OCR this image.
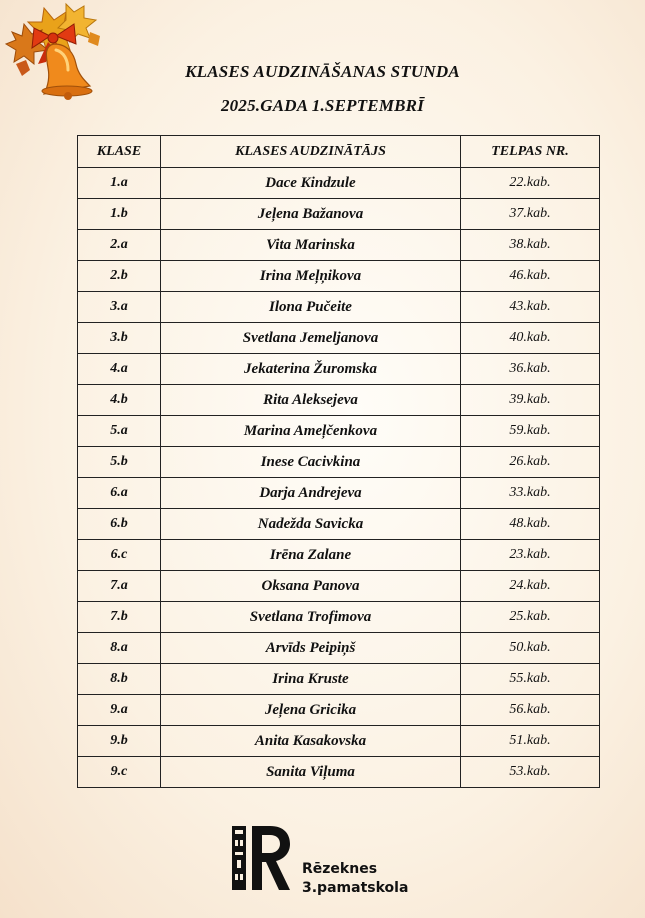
KLASES AUDZINĀŠANAS STUNDA
2025.GADA 1.SEPTEMBRĪ
KLASE	KLASES AUDZINĀTĀJS	TELPAS NR.
1.a	Dace Kindzule	22.kab.
1.b	Jeļena Bažanova	37.kab.
2.a	Vita Marinska	38.kab.
2.b	Irina Meļņikova	46.kab.
3.a	Ilona Pučeite	43.kab.
3.b	Svetlana Jemeljanova	40.kab.
4.a	Jekaterina Žuromska	36.kab.
4.b	Rita Aleksejeva	39.kab.
5.a	Marina Ameļčenkova	59.kab.
5.b	Inese Cacivkina	26.kab.
6.a	Darja Andrejeva	33.kab.
6.b	Nadežda Savicka	48.kab.
6.c	Irēna Zalane	23.kab.
7.a	Oksana Panova	24.kab.
7.b	Svetlana Trofimova	25.kab.
8.a	Arvīds Peipiņš	50.kab.
8.b	Irina Kruste	55.kab.
9.a	Jeļena Gricika	56.kab.
9.b	Anita Kasakovska	51.kab.
9.c	Sanita Viļuma	53.kab.
Rēzeknes
3.pamatskola
